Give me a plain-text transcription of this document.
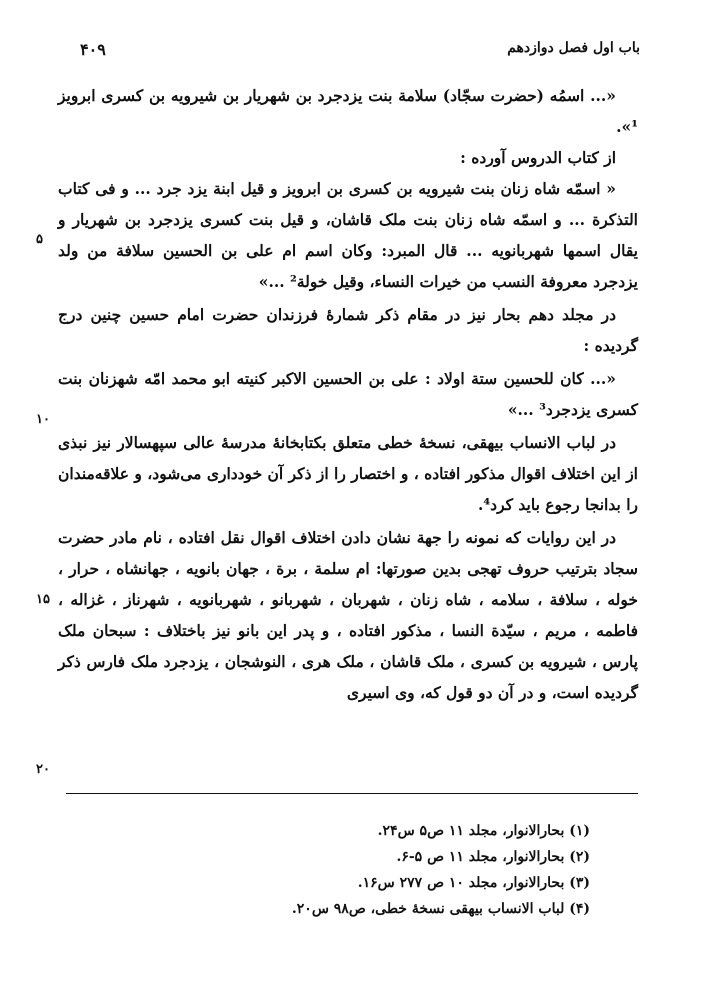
باب اول فصل دوازدهم
۴۰۹

«... اسمُه (حضرت سجّاد) سلامة بنت یزدجرد بن شهریار بن شیرویه بن کسری ابرویز ¹».

از کتاب الدروس آورده :

« اسمّه شاه زنان بنت شیرویه بن کسری بن ابرویز و قیل ابنة یزد جرد ... و فی کتاب التذکرة ... و اسمّه شاه زنان بنت ملک قاشان، و قیل بنت کسری یزدجرد بن شهریار و یقال اسمها شهربانویه ... قال المبرد: وکان اسم ام علی بن الحسین سلافة من ولد یزدجرد معروفة النسب من خیرات النساء، وقیل خولة² ...»

در مجلد دهم بحار نیز در مقام ذکر شمارهٔ فرزندان حضرت امام حسین چنین درج گردیده :

«... کان للحسین ستة اولاد : علی بن الحسین الاکبر کنیته ابو محمد امّه شهزنان بنت کسری یزدجرد³ ...»

در لباب الانساب بیهقی، نسخهٔ خطی متعلق بکتابخانهٔ مدرسهٔ عالی سپهسالار نیز نبذی از این اختلاف اقوال مذکور افتاده ، و اختصار را از ذکر آن خودداری می‌شود، و علاقه‌مندان را بدانجا رجوع باید کرد⁴.

در این روایات که نمونه را جهة نشان دادن اختلاف اقوال نقل افتاده ، نام مادر حضرت سجاد بترتیب حروف تهجی بدین صورتها: ام سلمة ، برة ، جهان بانویه ، جهانشاه ، حرار ، خوله ، سلافة ، سلامه ، شاه زنان ، شهربان ، شهربانو ، شهربانویه ، شهرناز ، غزاله ، فاطمه ، مریم ، سیّدة النسا ، مذکور افتاده ، و پدر این بانو نیز باختلاف : سبحان ملک پارس ، شیرویه بن کسری ، ملک قاشان ، ملک هری ، النوشجان ، یزدجرد ملک فارس ذکر گردیده است، و در آن دو قول که، وی اسیری

۵
۱۰
۱۵
۲۰
(۱) بحارالانوار، مجلد ۱۱ ص۵ س۲۴.
(۲) بحارالانوار، مجلد ۱۱ ص ۵-۶.
(۳) بحارالانوار، مجلد ۱۰ ص ۲۷۷ س۱۶.
(۴) لباب الانساب بیهقی نسخهٔ خطی، ص۹۸ س۲۰.
